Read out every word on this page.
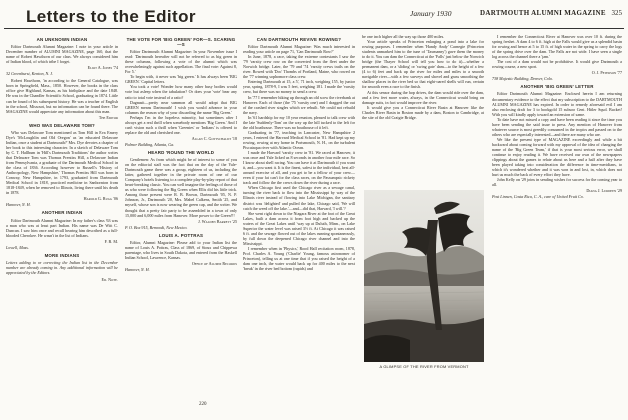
January 1930	DARTMOUTH ALUMNI MAGAZINE 325
Letters to the Editor
AN UNKNOWN INDIAN

Editor Dartmouth Alumni Magazine: I note in your article in December number of ALUMNI MAGAZINE, page 160, that the name of Robert Hawthorn of our class. We always considered him of Indian blood, of which tribe I forget.

Eliot A. Jones '74
32 Greenhurst, Kenton, N. J.

Robert Hawthorn, 'in according to the General Catalogue, was born in Springfield, Mass., 1850. However, the books in the class office give Highland, Kansas, as his birthplace and the date 1848. He was in the Chandler Scientific School, graduating in 1874. Little can be found of his subsequent history. He was a teacher of English in the school, Missouri, but no information can be found there. The MAGAZINE would appreciate any information about this man.

The Editor
WHO WAS DELAWARE TOM?

Who was Delaware Tom mentioned as Tom Hill in Eva Emery Dye's 'McLoughlin and Old Oregon' as 'an educated Delaware Indian, once a student at Dartmouth?' Mrs. Dye devotes a chapter of her book to this interesting character. In a sketch of Delaware Tom by C. T. Hallbum in 'Hill's Dartmouth Traditions' the author writes that Delaware Tom was Thomas Prentiss Hill, a Delaware Indian from Pennsylvania, a graduate of the Dartmouth Medical School in the class of 1836. According however to Russell's 'History of Anthropology, New Hampshire,' Thomas Prentiss Hill was born in Conway, New Hampshire, in 1793, graduated from Dartmouth Medical School in 1818, practiced medicine in Sanbornton from 1818-1849, when he removed to Illinois, living there until his death in 1878.

Harold G. Rugg '06
Hanover, N. H.
ANOTHER INDIAN

Editor Dartmouth Alumni Magazine: In my father's class '63 was a man who was at least part Indian. His name was De Witt C. Duncan. I saw him once and recall hearing him described as a full-blooded Cherokee. He wasn't in the list of Indians.

F. B. M.
Lowell, Mass.
MORE INDIANS

Letters adding to or correcting the Indian list in the December number are already coming in. Any additional information will be appreciated by the Editors.

Ed. Note.
THE VOTE FOR 'BIG GREEN' FOR—S. SCARING—S

Editor Dartmouth Alumni Magazine: In your November issue I read: 'Dartmouth hereafter will not be referred to as big green in these columns, following a vote of the alumni which was overwhelmingly against such appellation. The final vote: Against 8, For 5.'

To begin with, it never was 'big green.' It has always been 'BIG GREEN.' Capital letters.

You took a vote! Wonder how many other busy bodies would vote but asleep when the tabulation? Or does your 'vote' bear any ratio to total vote instead of a ratio?

Dagnasit—pretty near summon all would adopt that BIG GREEN means Dartmouth! I wish you would advance in your columns the reason why of your discarding the name 'Big Green.'

Perhaps I'm in the hopeless minority, but sometimes after I always get a real thrill when somebody mentions 'Big Green.' And I can't vision such a thrill when 'Greenies' or 'Indians' is offered to replace the old and cherished one.

Allan C. Gottschaldt '18
Palmer Building, Atlanta, Ga.
HEARD 'ROUND THE WORLD

Gentlemen: As from which might be of interest to some of you on the editorial staff was the fact that on the day of the Yale-Dartmouth game there was a group, eighteen of us, including the latter, gathered together in the private room of one of our Company's hotels listening to a complete play-by-play report of that heart-breaking classic. You can well imagine the feelings of those of us who were following the Big Green when Ellis did his little trick. Among those present were R. B. Brown, Dartmouth '05, N. P. Johnson, Jr., Dartmouth '20, Mrs. Mabel Calkens, Smith '25, and myself, whose son is now wearing the green cap, and the writer. We thought that a pretty fair party to be assembled in a town of only 15,000 and 6,000 miles from Hanover. More power to the Green!!!

J. Walden Barrett '25
P. O. Box 915, Bemoodi, New Mexico.
LOUIS A. POTTRAS

Editor, Alumni Magazine: Please add to your Indian list the name of Louis A. Pottras, Class of 1869, of Sioux and Chippewa parentage, who lives in South Dakota, and entered from the Haskell Indian School, Lawrence, Kansas.

Office of Alumni Records
Hanover, N. H.
CAN DARTMOUTH REVIVE ROWING?

Editor Dartmouth Alumni Magazine: Was much interested in reading your article on page 71, 'Can Dartmouth Row?'

In June, 1878, a race, taking the extreme contestants I saw the '79 'varsity crew row on the converted from the fleet under the Norwich bridge. Later, the '79 and '74 'varsity crews trails on the river. Rowed with 'Doc' Thombs of Portland, Maine, who rowed on the '77 winning sophomore class crew.

Entering Dartmouth at 15, a 5', 71 inch, weighing 155, by junior year, spring, 1878-9, I was 5 feet, weighing 181. I made the 'varsity crew, but there was no money to send a crew.

In '77 I remember hiking up through an old scow the riverbank at Hanover. Each of those (the '75 'varsity one) and I dragged the out of the crashed river singles which we rebuilt. We could not rebuild the navy.

In '61 hardship for my 10 year reunion, pleased to talk crew with the late 'Suddenly-Tom' on the way up the hill tucked to the left for the old boathouse. There was no boathouse of it left.

Graduating in '77, teaching in Lancaster, New Hampshire 2 years, I entered the Harvard Medical School in '81. Had kept up my rowing, rowing at my home in Portsmouth, N. H., on the turbulent Piscataqua river with Atlantic Ocean.

I made the Harvard 'varsity crew in '81. We raced at Hanover, it was once and Yale licked us 8 seconds in another four mile race. So I know about shell racing. You can have it at Dartmouth if you want it, and—you want it. It is the finest, safest to the individual, best all-around exercise of all, and you get to be a fellow of your crew—even if your fat can't for the class races, on the Passumpsic rickety track and follow the the crews down the river during a race.

When Chicago first used the Chicago river as a sewage canal, turning the river back to flow into the Mississippi by way of the Illinois river instead of flowing into Lake Michigan, the sanitary district was 'delighted' and pulled the lake, Chicago said, 'We will catch the weed off the lake.'—and—did that, Harvard, 'I will.'?

She went right down to the Niagara River at the foot of the Great Lakes, built a dam across it from foot high and backed up the waters of the Great Lakes until 'way up at Duluth, Minn., on Lake Superior the water level was raised 3½ ft. At Chicago it was raised 6 ft. and the sewage flowed out of the lakes running spontaneously, by full down the deepened Chicago river channel and into the Mississippi.

I remember when in 'Physics,' Rood Hall recitation room, 1878, Prof. Charles A. Young ('Charlie' Young, famous astronomer of Princeton), telling us at one time that if you raised the height of a dam one inch, the water would back up for 400 miles to the next 'break' in the river bed bottom (rapids) and

be one inch higher all the way up those 400 miles.

Your article speaks of Princeton enlarging a pond into a lake for rowing purposes. I remember when 'Handy Andy' Carnegie (Princeton students unmarked him to the tune of 'Taxmanny') gave them the money to do it. You can dam the Connecticut at the 'Falls' just below the Norwich bridge (the Thayer School will tell you how to do it)—whether a permanent dam, or a 'sliding' or 'swing gate' dam—to the height of a few (4 to 6) feet and back up the river for miles and miles to a smooth navigable river—with a few surveys and shovel and grass smoothing the shallow places in the river bed so that eight-oared shells will run, certain for smooth even a race to the finish.

At this sensor during the hop drives, the dam would ride over the dam, and a few feet more water, always, in the Connecticut would bring on damage suits, in fact would improve the river.

It would give you a Connecticut River Basin at Hanover like the Charles River Basin in Boston made by a dam, Boston to Cambridge, at the site of the old Craigie Bridge.

A GLIMPSE OF THE RIVER FROM VERMONT

I remember the Connecticut River at Hanover was over 10 ft. during the spring freshet. A dam 4 to 6 ft. high at the Falls would give us a splendid basin for rowing and hence at 5 to 15 ft. of high water in the spring to carry the logs of the spring drive over the dam. The Falls are not wide. I have seen a single log across the channel there a 'jam.'

The cost of a dam would not be prohibitive. It would give Dartmouth a rowing course, a new sport.

O. J. Peterson '77
738 Majestic Building, Denver, Colo.
ANOTHER 'BIG GREEN' LETTER

Editor Dartmouth Alumni Magazine: Enclosed herein I am returning documentary evidence to the effect that my subscription to the DARTMOUTH ALUMNI MAGAZINE has expired. In order to remedy aforesaid evil I am also enclosing draft for 3 to bookgold 15 subsoo Cent. Hitler Squd. Bucket! With you will kindly apply toward an extension of same.

To date have not missed a copy and have been reading it since the time you have been sending the said issue to press. Any mention of Hanover from whatever source is most greedily consumed in the tropics and passed on to the others who are especially interested—and there are many who are.

We like the present type of MAGAZINE exceedingly and while a bit backward about coming forward with my approval of the idea of changing the name of the 'Big Green Team,' if that is your most serious error, we shall continue to enjoy reading it. We have received our own of the newspapers clippings about the games to relate about us here and a half after they have been played taking into consideration the difference in time-meridians, to which it's wondered whether and it was won in and lost, in, which does not hurt us much the back of every effort they have.

John Kelly on '29 joins in sending wishes for success for the coming year to all.

Diana J. Lurdeen '29
Post Linnen, Costa Rica, C. A., care of United Fruit Co.
220
